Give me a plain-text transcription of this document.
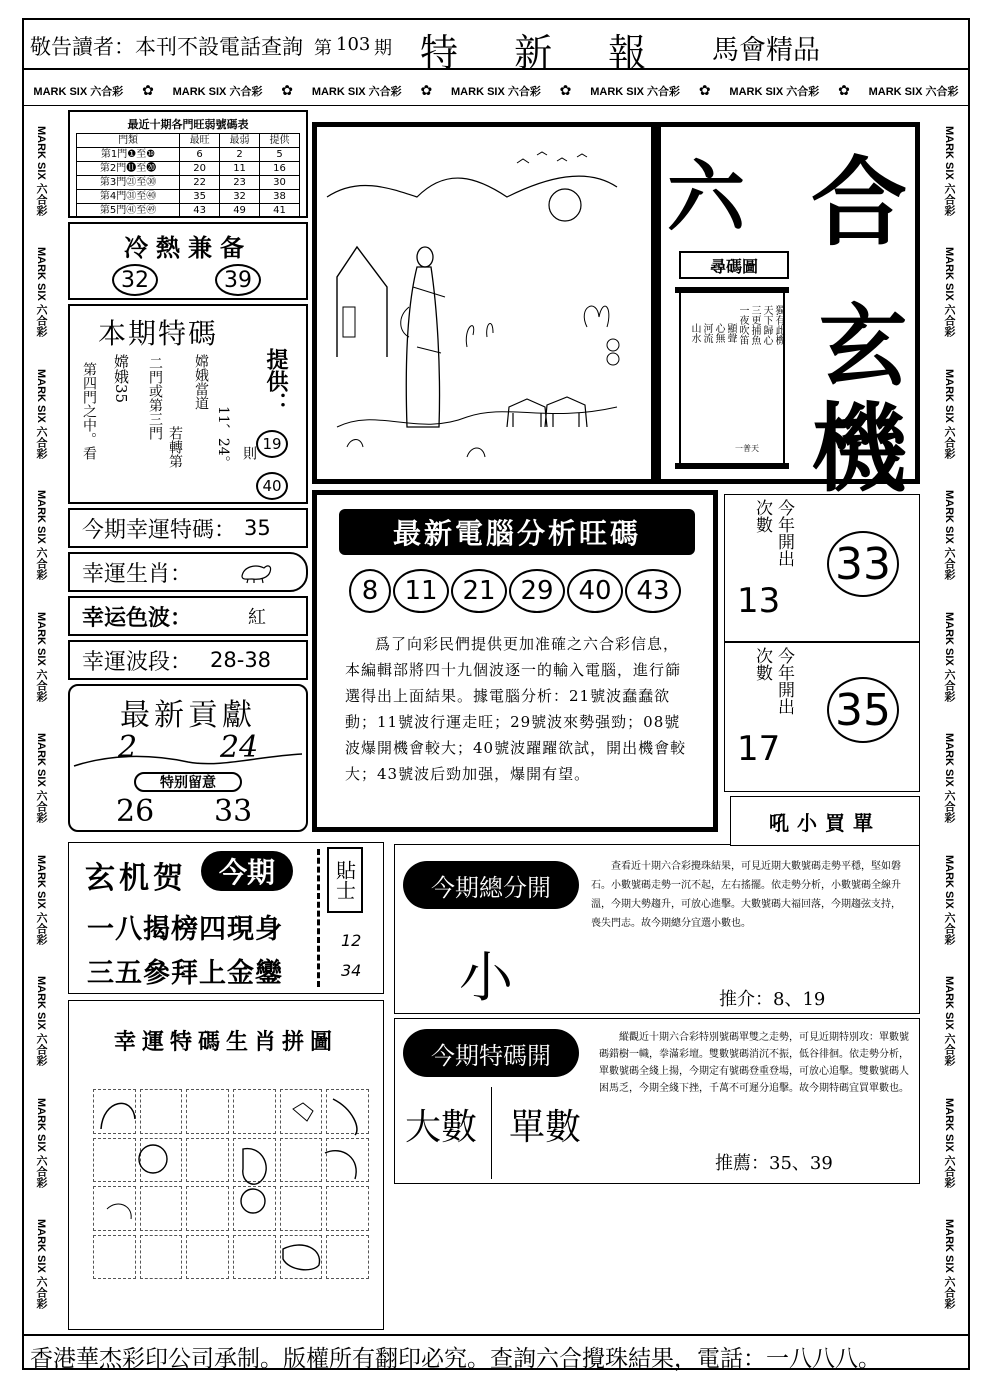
敬告讀者：本刊不設電話查詢 第 103 期 特 新 報 馬會精品
MARK SIX 六合彩 ✿ MARK SIX 六合彩 ✿ MARK SIX 六合彩 ✿ MARK SIX 六合彩 ✿ MARK SIX 六合彩 ✿ MARK SIX 六合彩 ✿ MARK SIX 六合彩
MARK SIX 六合彩
MARK SIX 六合彩
MARK SIX 六合彩
MARK SIX 六合彩
MARK SIX 六合彩
MARK SIX 六合彩
MARK SIX 六合彩
MARK SIX 六合彩
MARK SIX 六合彩
MARK SIX 六合彩
MARK SIX 六合彩
MARK SIX 六合彩
MARK SIX 六合彩
MARK SIX 六合彩
MARK SIX 六合彩
MARK SIX 六合彩
MARK SIX 六合彩
MARK SIX 六合彩
MARK SIX 六合彩
MARK SIX 六合彩
最近十期各門旺弱號碼表
門類	最旺	最弱	提供
第1門❶至❿	6	2	5
第2門⓫至⓴	20	11	16
第3門㉑至㉚	22	23	30
第4門㉛至㊵	35	32	38
第5門㊶至㊾	43	49	41
冷熱兼备
32	39
本期特碼
提供：
第四門之中。看 嫦娥35 二門或第三門
若轉第
嫦娥當道
11、24。 則 19
40
今期幸運特碼： 35
幸運生肖：
幸运色波：	紅
幸運波段： 28-38
最新貢獻
2	24
特别留意
26 33
六 合
尋碼圖
玄
機
山水 河流 心無 顯聲 一夜吹笛 三更捕魚 天下歸心 獨有此機
一普天
最新電腦分析旺碼
8	11 21 29 40 43
爲了向彩民們提供更加准確之六合彩信息，本編輯部將四十九個波逐一的輸入電腦，進行篩選得出上面結果。據電腦分析：21號波蠢蠢欲動；11號波行運走旺；29號波來勢强勁；08號波爆開機會較大；40號波躍躍欲試，開出機會較大；43號波后勁加强，爆開有望。
今年開出次數
13
33
今年開出次數
17
35
玄机贺	今期
一八揭榜四現身
三五參拜上金鑾
貼士
12
34
今期總分開
小
查看近十期六合彩攪珠結果，可見近期大數號碼走勢平穩，堅如磐石。小數號碼走勢一沉不起，左右搖擺。依走勢分析，小數號碼全線升溫，今期大勢趨升，可放心進擊。大數號碼大福回落，今期趨弦支持，喪失門志。故今期總分宜選小數也。
推介：8、19
吼小買單
今期特碼開
大數 單數
縱觀近十期六合彩特別號碼單雙之走勢，可見近期特別攻：單數號碼錯樹一幟，拳滿彩壇。雙數號碼消沉不振，低谷徘徊。依走勢分析，單數號碼全綫上揚，今期定有號碼登重登場，可放心追擊。雙數號碼人困馬乏，今期全綫下挫，千萬不可遲分追擊。故今期特碼宜買單數也。
推薦：35、39
幸運特碼生肖拼圖
香港華杰彩印公司承制。版權所有翻印必究。查詢六合攪珠結果，電話：一八八八。
